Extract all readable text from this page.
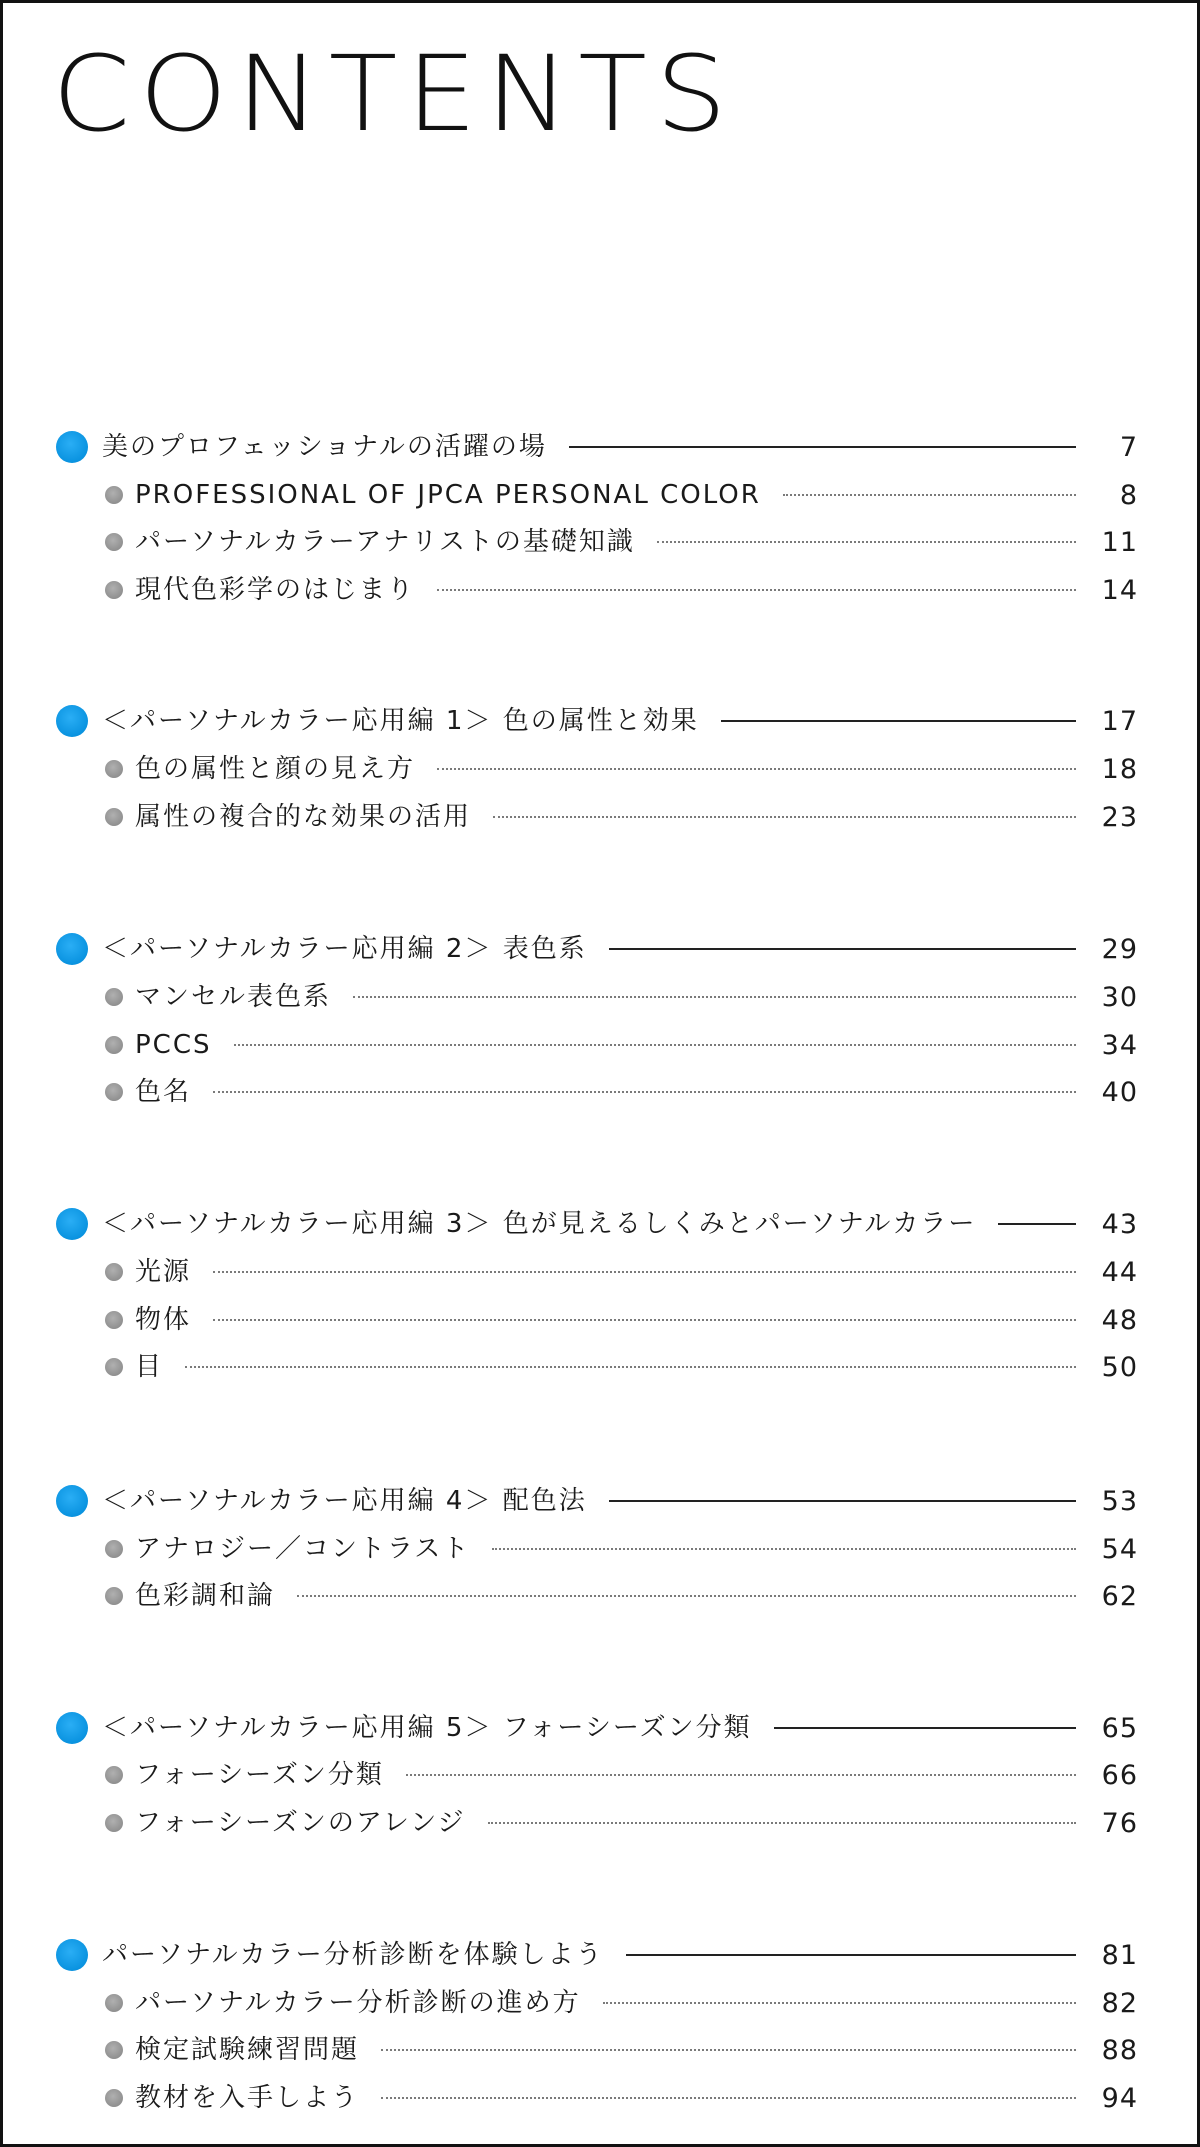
CONTENTS
美のプロフェッショナルの活躍の場	7
PROFESSIONAL OF JPCA PERSONAL COLOR	8
パーソナルカラーアナリストの基礎知識	11
現代色彩学のはじまり	14
＜パーソナルカラー応用編 1＞ 色の属性と効果	17
色の属性と顔の見え方	18
属性の複合的な効果の活用	23
＜パーソナルカラー応用編 2＞ 表色系	29
マンセル表色系	30
PCCS	34
色名	40
＜パーソナルカラー応用編 3＞ 色が見えるしくみとパーソナルカラー	43
光源	44
物体	48
目	50
＜パーソナルカラー応用編 4＞ 配色法	53
アナロジー／コントラスト	54
色彩調和論	62
＜パーソナルカラー応用編 5＞ フォーシーズン分類	65
フォーシーズン分類	66
フォーシーズンのアレンジ	76
パーソナルカラー分析診断を体験しよう	81
パーソナルカラー分析診断の進め方	82
検定試験練習問題	88
教材を入手しよう	94
